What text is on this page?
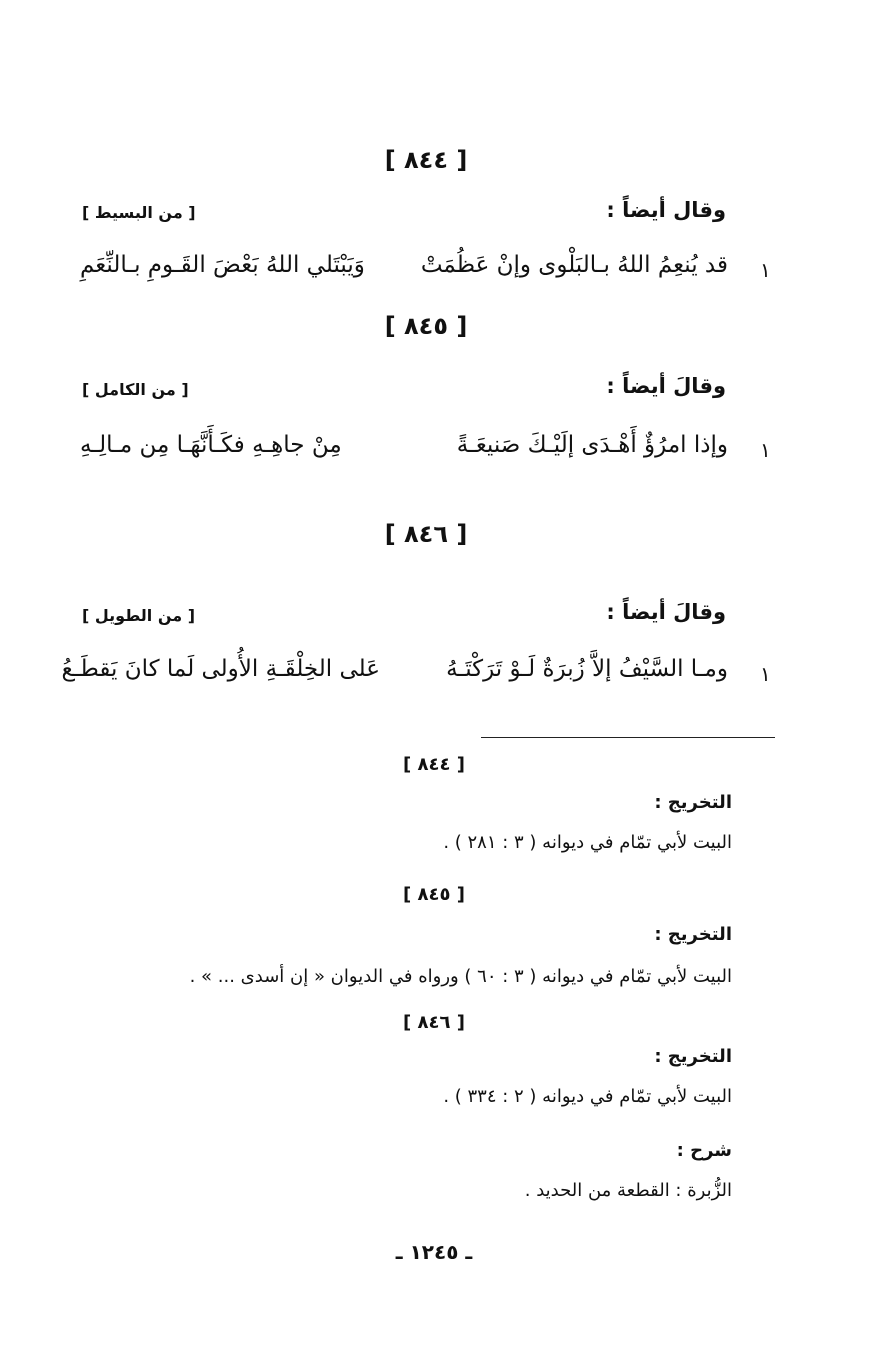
[ ٨٤٤ ]
وقال أيضاً :
[ من البسيط ]
١
قد يُنعِمُ اللهُ بـالبَلْوى وإنْ عَظُمَتْ
وَيَبْتَلي اللهُ بَعْضَ القَـومِ بـالنِّعَمِ
[ ٨٤٥ ]
وقالَ أيضاً :
[ من الكامل ]
١
وإذا امرُؤٌ أَهْـدَى إلَيْـكَ صَنيعَـةً
مِنْ جاهِـهِ فكَـأَنَّهَـا مِن مـالِـهِ
[ ٨٤٦ ]
وقالَ أيضاً :
[ من الطويل ]
١
ومـا السَّيْفُ إلاَّ زُبرَةٌ لَـوْ تَرَكْتَـهُ
عَلى الخِلْقَـةِ الأُولى لَما كانَ يَقطَـعُ
[ ٨٤٤ ]
التخريج :
البيت لأبي تمّام في ديوانه ( ٣ : ٢٨١ ) .
[ ٨٤٥ ]
التخريج :
البيت لأبي تمّام في ديوانه ( ٣ : ٦٠ ) ورواه في الديوان « إن أسدى ... » .
[ ٨٤٦ ]
التخريج :
البيت لأبي تمّام في ديوانه ( ٢ : ٣٣٤ ) .
شرح :
الزُّبرة : القطعة من الحديد .
ـ ١٢٤٥ ـ
